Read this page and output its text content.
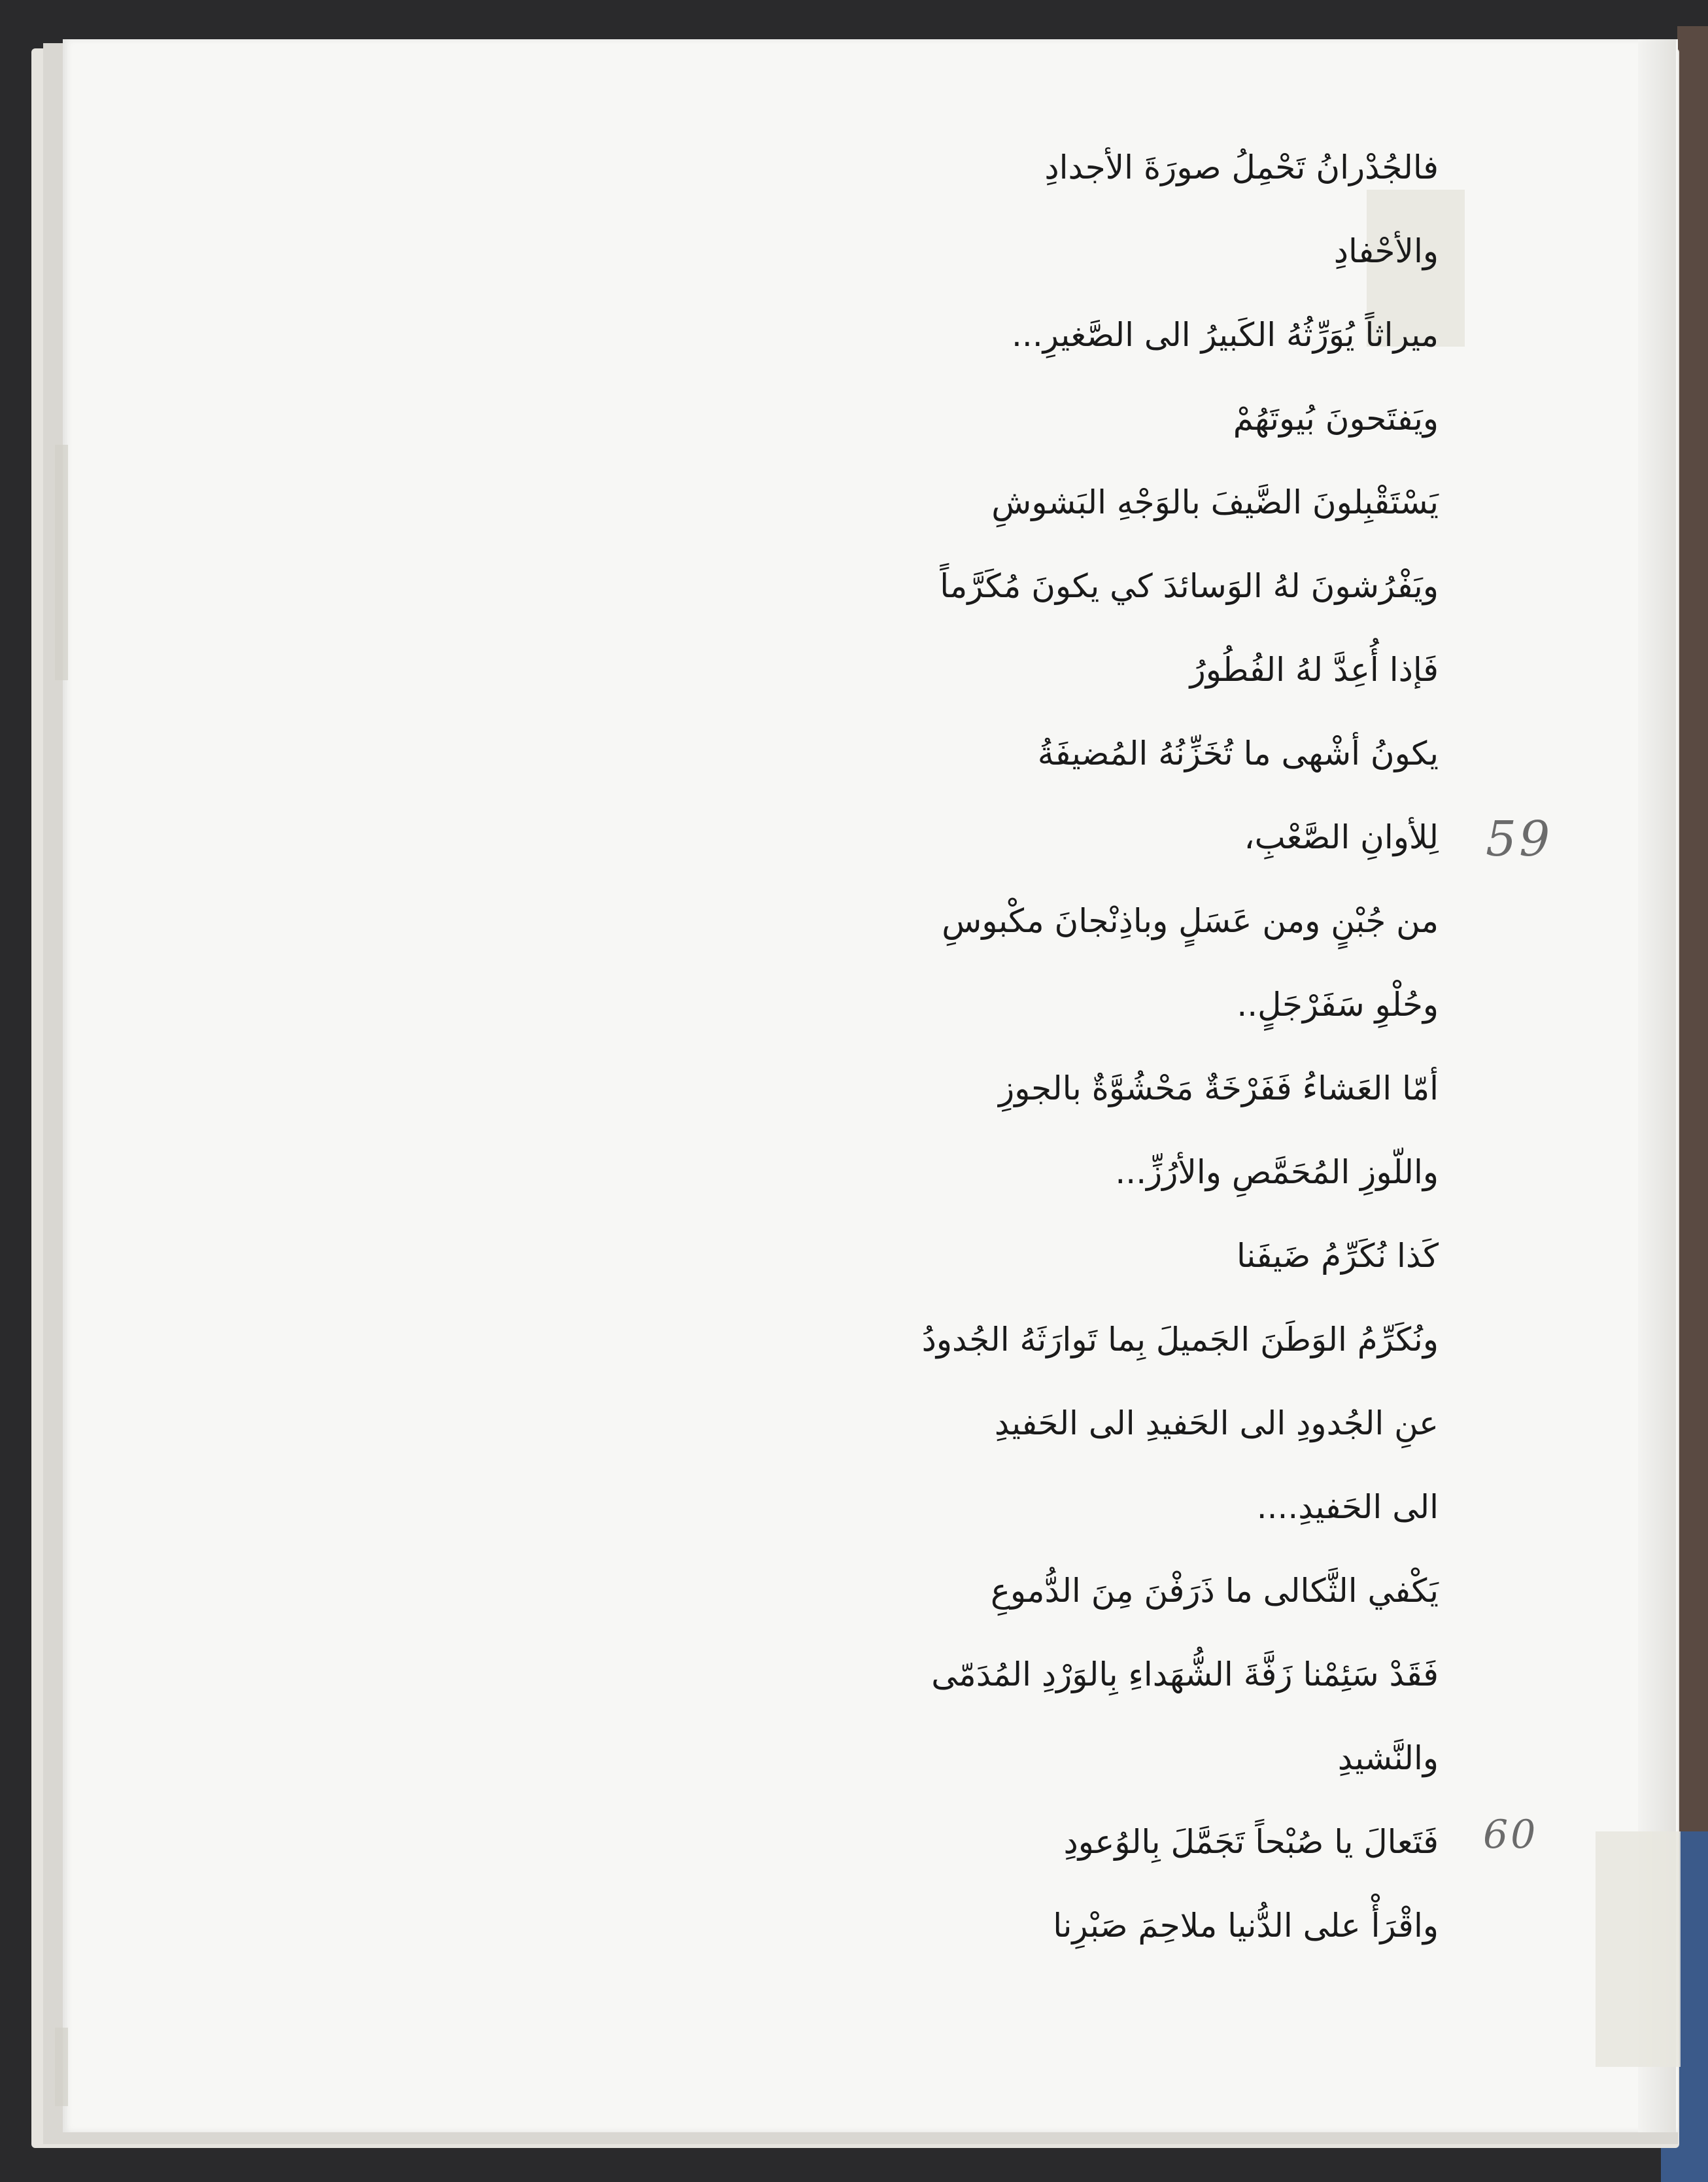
فالجُدْرانُ تَحْمِلُ صورَةَ الأجدادِ
والأحْفادِ
ميراثاً يُوَرِّثُهُ الكَبيرُ الى الصَّغيرِ...
ويَفتَحونَ بُيوتَهُمْ
يَسْتَقْبِلونَ الضَّيفَ بالوَجْهِ البَشوشِ
ويَفْرُشونَ لهُ الوَسائدَ كي يكونَ مُكَرَّماً
فَإذا أُعِدَّ لهُ الفُطُورُ
يكونُ أشْهى ما تُخَزِّنُهُ المُضيفَةُ
لِلأوانِ الصَّعْبِ،
من جُبْنٍ ومن عَسَلٍ وباذِنْجانَ مكْبوسِ
وحُلْوِ سَفَرْجَلٍ..
أمّا العَشاءُ فَفَرْخَةٌ مَحْشُوَّةٌ بالجوزِ
واللّوزِ المُحَمَّصِ والأرُزِّ...
كَذا نُكَرِّمُ ضَيفَنا
ونُكَرِّمُ الوَطَنَ الجَميلَ بِما تَوارَثَهُ الجُدودُ
عنِ الجُدودِ الى الحَفيدِ الى الحَفيدِ
الى الحَفيدِ....
يَكْفي الثَّكالى ما ذَرَفْنَ مِنَ الدُّموعِ
فَقَدْ سَئِمْنا زَفَّةَ الشُّهَداءِ بِالوَرْدِ المُدَمّى
والنَّشيدِ
فَتَعالَ يا صُبْحاً تَجَمَّلَ بِالوُعودِ
واقْرَأْ على الدُّنيا ملاحِمَ صَبْرِنا
59
60
